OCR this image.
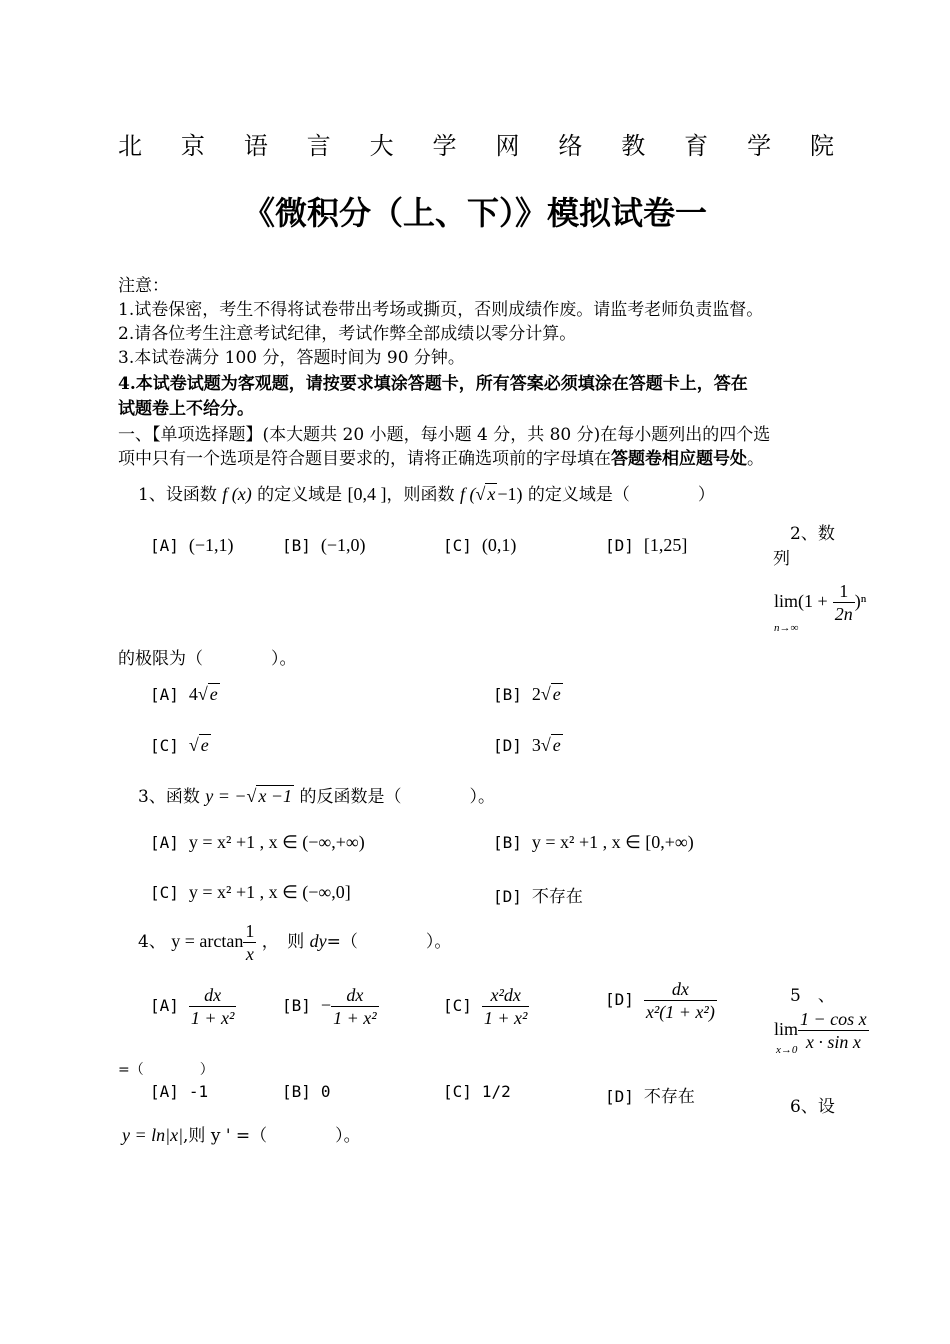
北 京 语 言 大 学 网 络 教 育 学 院
《微积分（上、下）》模拟试卷一
注意：
1.试卷保密，考生不得将试卷带出考场或撕页，否则成绩作废。请监考老师负责监督。
2.请各位考生注意考试纪律，考试作弊全部成绩以零分计算。
3.本试卷满分 100 分，答题时间为 90 分钟。
4.本试卷试题为客观题，请按要求填涂答题卡，所有答案必须填涂在答题卡上，答在
试题卷上不给分。
一、【单项选择题】(本大题共 20 小题，每小题 4 分，共 80 分)在每小题列出的四个选
项中只有一个选项是符合题目要求的，请将正确选项前的字母填在答题卷相应题号处。
1、设函数 f (x) 的定义域是 [0,4 ]，则函数 f (√ x −1) 的定义域是（　　　　）
[A] (−1,1)	[B] (−1,0)	[C] (0,1)	[D] [1,25]
2、数
列
$\lim(1 + \frac{1}{2n} )^n$
n→∞
的极限为（　　　　）。
[A] 4√ e	[B] 2√ e
[C] √ e	[D] 3√ e
3、函数 y = −√ x −1 的反函数是（　　　　）。
[A] y = x² +1 , x ∈ (−∞,+∞)	[B] y = x² +1 , x ∈ [0,+∞)
[C] y = x² +1 , x ∈ (−∞,0]	[D] 不存在
4、 $y = \arctan \frac{1}{x}$ ，　则 dy=（　　　　）。
$[A] \frac{dx}{\text{1 + x²}}$	$[B] - \frac{dx}{\text{1 + x²}}$	$[C] \frac{\text{x²dx}}{\text{1 + x²}}$	$[D] \frac{dx}{\text{x²(1 + x²)}}$	5　、
$\lim \frac{\text{1 − cos x}}{\text{x · sin x}}$
x→0
=（　　　　）
[A] -1	[B] 0	[C] 1/2	[D] 不存在	6、设
y = ln|x|,则 y ' =（　　　　）。
